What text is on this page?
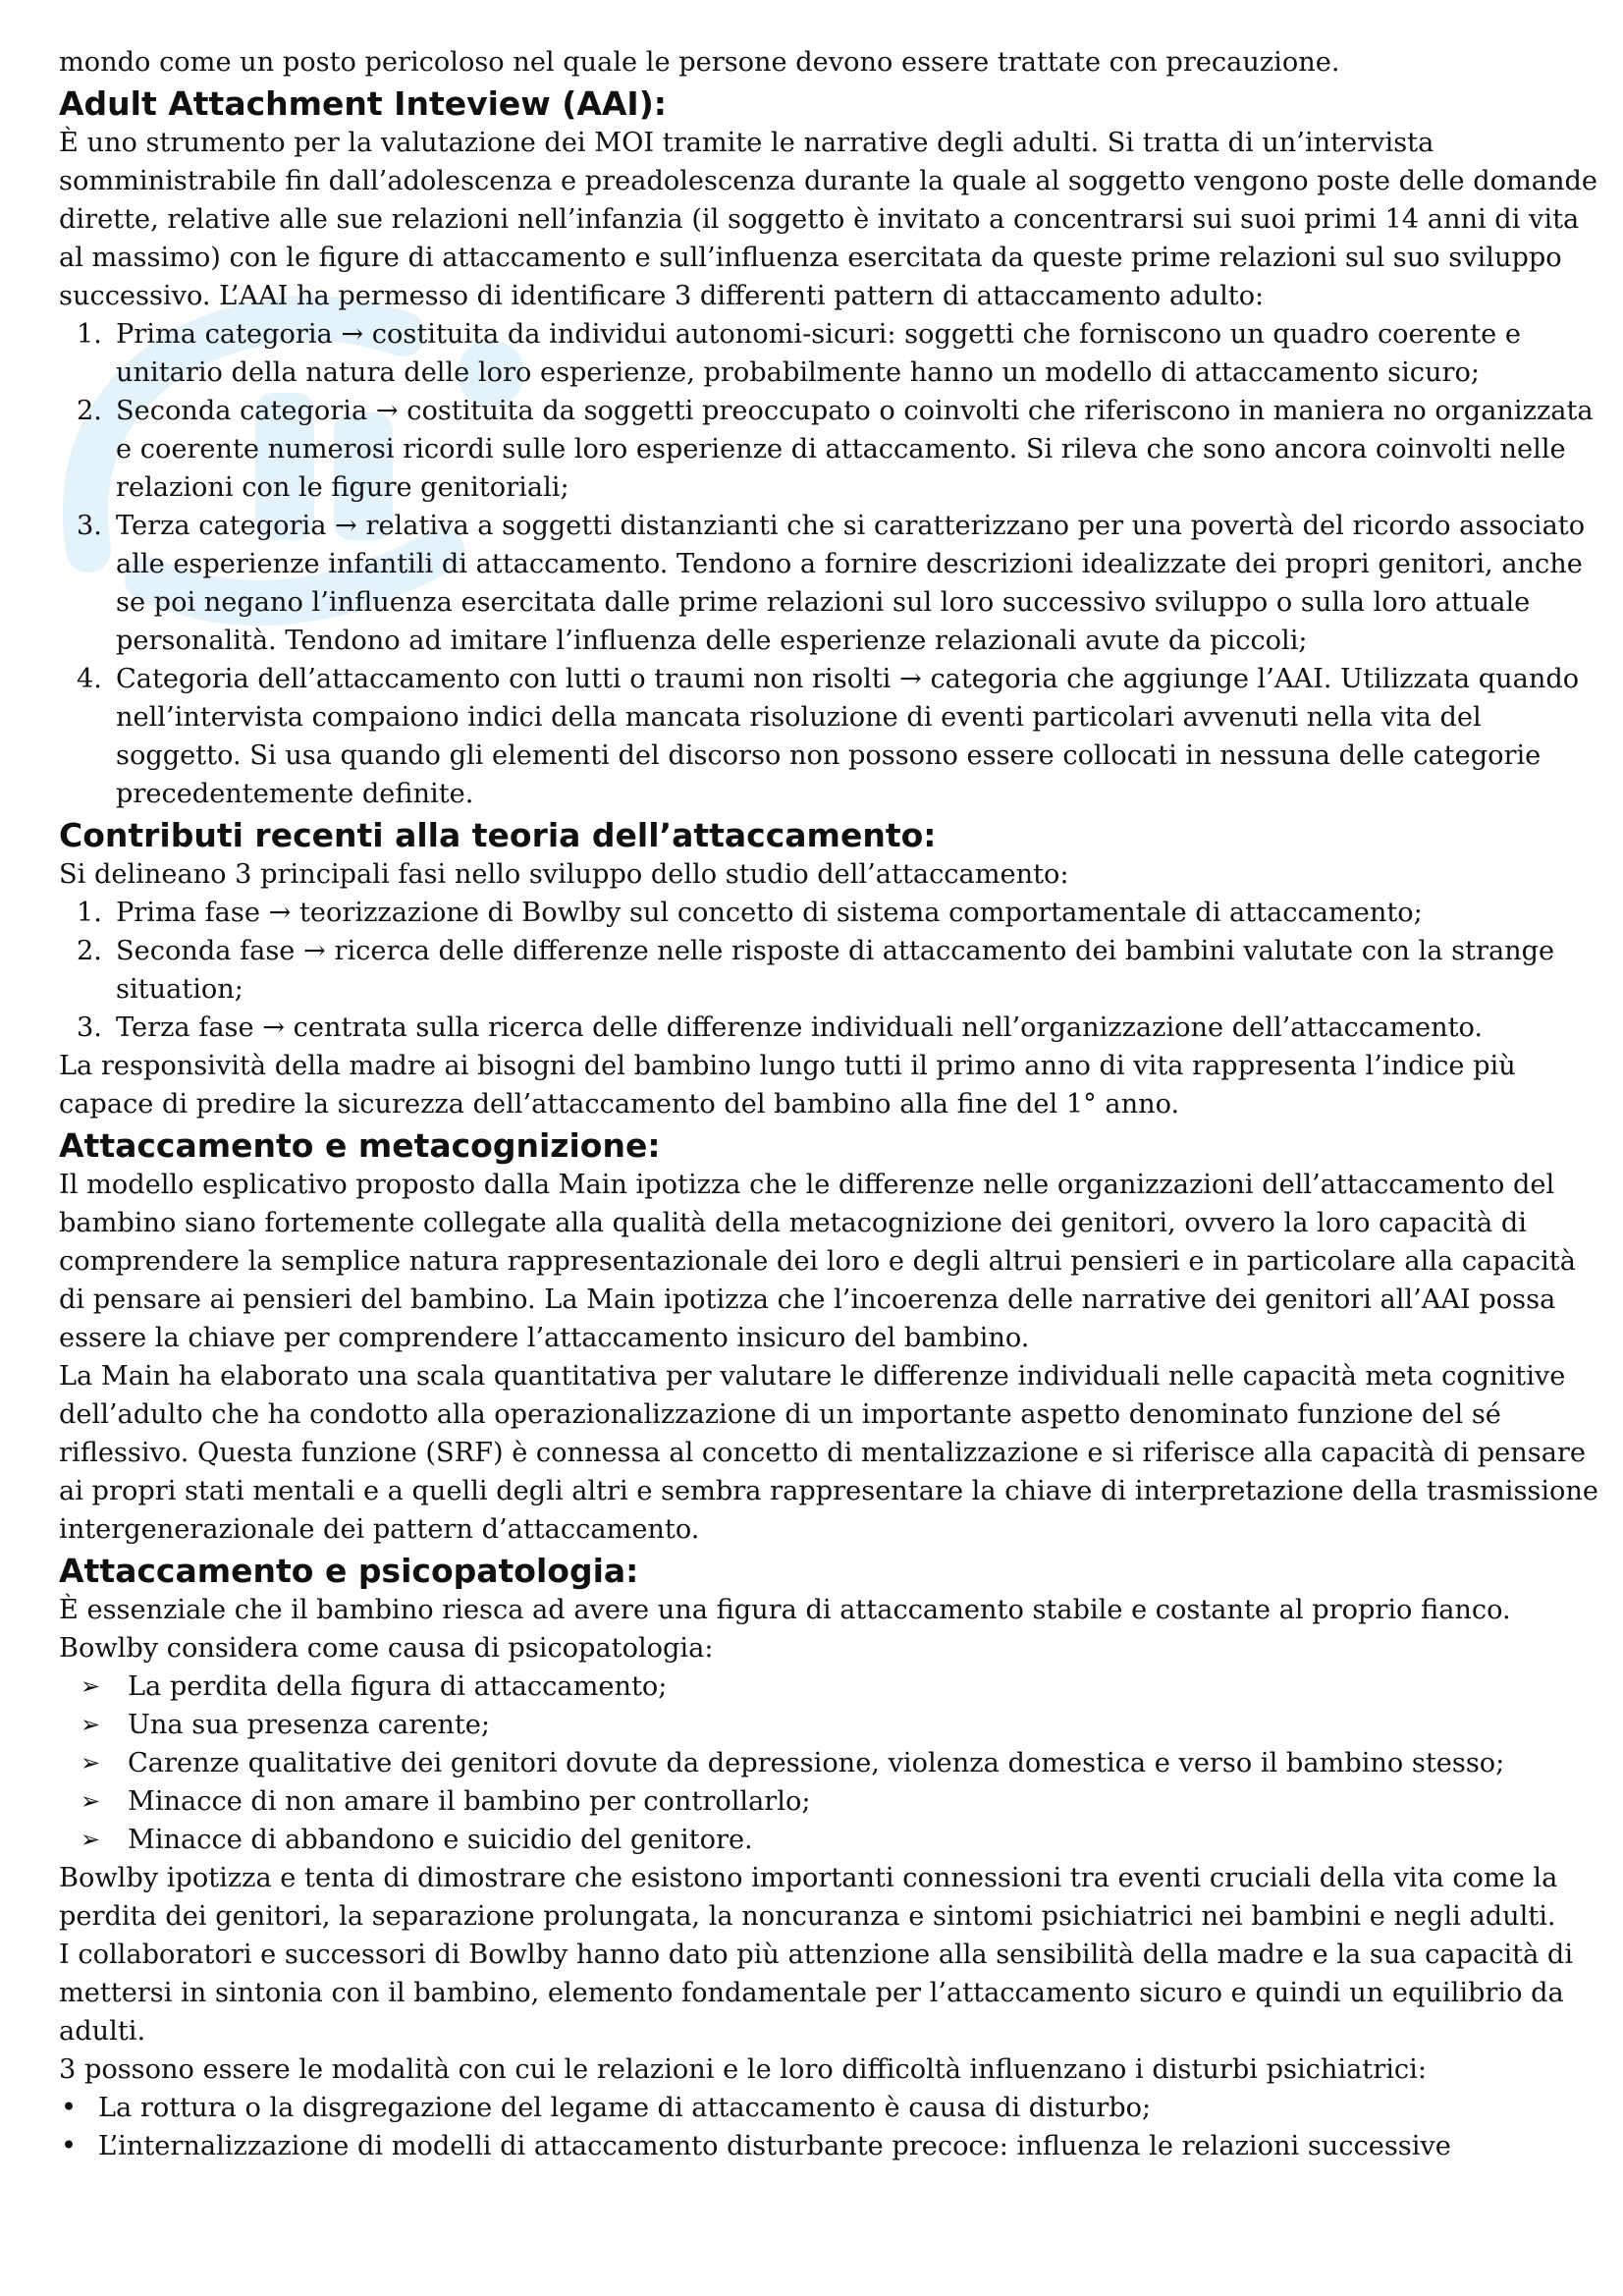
mondo come un posto pericoloso nel quale le persone devono essere trattate con precauzione.

Adult Attachment Inteview (AAI):

È uno strumento per la valutazione dei MOI tramite le narrative degli adulti. Si tratta di un’intervista somministrabile fin dall’adolescenza e preadolescenza durante la quale al soggetto vengono poste delle domande dirette, relative alle sue relazioni nell’infanzia (il soggetto è invitato a concentrarsi sui suoi primi 14 anni di vita al massimo) con le figure di attaccamento e sull’influenza esercitata da queste prime relazioni sul suo sviluppo successivo. L’AAI ha permesso di identificare 3 differenti pattern di attaccamento adulto:

1. Prima categoria → costituita da individui autonomi-sicuri: soggetti che forniscono un quadro coerente e unitario della natura delle loro esperienze, probabilmente hanno un modello di attaccamento sicuro;
2. Seconda categoria → costituita da soggetti preoccupato o coinvolti che riferiscono in maniera no organizzata e coerente numerosi ricordi sulle loro esperienze di attaccamento. Si rileva che sono ancora coinvolti nelle relazioni con le figure genitoriali;
3. Terza categoria → relativa a soggetti distanzianti che si caratterizzano per una povertà del ricordo associato alle esperienze infantili di attaccamento. Tendono a fornire descrizioni idealizzate dei propri genitori, anche se poi negano l’influenza esercitata dalle prime relazioni sul loro successivo sviluppo o sulla loro attuale personalità. Tendono ad imitare l’influenza delle esperienze relazionali avute da piccoli;
4. Categoria dell’attaccamento con lutti o traumi non risolti → categoria che aggiunge l’AAI. Utilizzata quando nell’intervista compaiono indici della mancata risoluzione di eventi particolari avvenuti nella vita del soggetto. Si usa quando gli elementi del discorso non possono essere collocati in nessuna delle categorie precedentemente definite.
Contributi recenti alla teoria dell’attaccamento:

Si delineano 3 principali fasi nello sviluppo dello studio dell’attaccamento:

1. Prima fase → teorizzazione di Bowlby sul concetto di sistema comportamentale di attaccamento;
2. Seconda fase → ricerca delle differenze nelle risposte di attaccamento dei bambini valutate con la strange situation;
3. Terza fase → centrata sulla ricerca delle differenze individuali nell’organizzazione dell’attaccamento.

La responsività della madre ai bisogni del bambino lungo tutti il primo anno di vita rappresenta l’indice più capace di predire la sicurezza dell’attaccamento del bambino alla fine del 1° anno.

Attaccamento e metacognizione:

Il modello esplicativo proposto dalla Main ipotizza che le differenze nelle organizzazioni dell’attaccamento del bambino siano fortemente collegate alla qualità della metacognizione dei genitori, ovvero la loro capacità di comprendere la semplice natura rappresentazionale dei loro e degli altrui pensieri e in particolare alla capacità di pensare ai pensieri del bambino. La Main ipotizza che l’incoerenza delle narrative dei genitori all’AAI possa essere la chiave per comprendere l’attaccamento insicuro del bambino.

La Main ha elaborato una scala quantitativa per valutare le differenze individuali nelle capacità meta cognitive dell’adulto che ha condotto alla operazionalizzazione di un importante aspetto denominato funzione del sé riflessivo. Questa funzione (SRF) è connessa al concetto di mentalizzazione e si riferisce alla capacità di pensare ai propri stati mentali e a quelli degli altri e sembra rappresentare la chiave di interpretazione della trasmissione intergenerazionale dei pattern d’attaccamento.

Attaccamento e psicopatologia:

È essenziale che il bambino riesca ad avere una figura di attaccamento stabile e costante al proprio fianco.

Bowlby considera come causa di psicopatologia:

➢ La perdita della figura di attaccamento;
➢ Una sua presenza carente;
➢ Carenze qualitative dei genitori dovute da depressione, violenza domestica e verso il bambino stesso;
➢ Minacce di non amare il bambino per controllarlo;
➢ Minacce di abbandono e suicidio del genitore.

Bowlby ipotizza e tenta di dimostrare che esistono importanti connessioni tra eventi cruciali della vita come la perdita dei genitori, la separazione prolungata, la noncuranza e sintomi psichiatrici nei bambini e negli adulti.

I collaboratori e successori di Bowlby hanno dato più attenzione alla sensibilità della madre e la sua capacità di mettersi in sintonia con il bambino, elemento fondamentale per l’attaccamento sicuro e quindi un equilibrio da adulti.

3 possono essere le modalità con cui le relazioni e le loro difficoltà influenzano i disturbi psichiatrici:

• La rottura o la disgregazione del legame di attaccamento è causa di disturbo;
• L’internalizzazione di modelli di attaccamento disturbante precoce: influenza le relazioni successive
